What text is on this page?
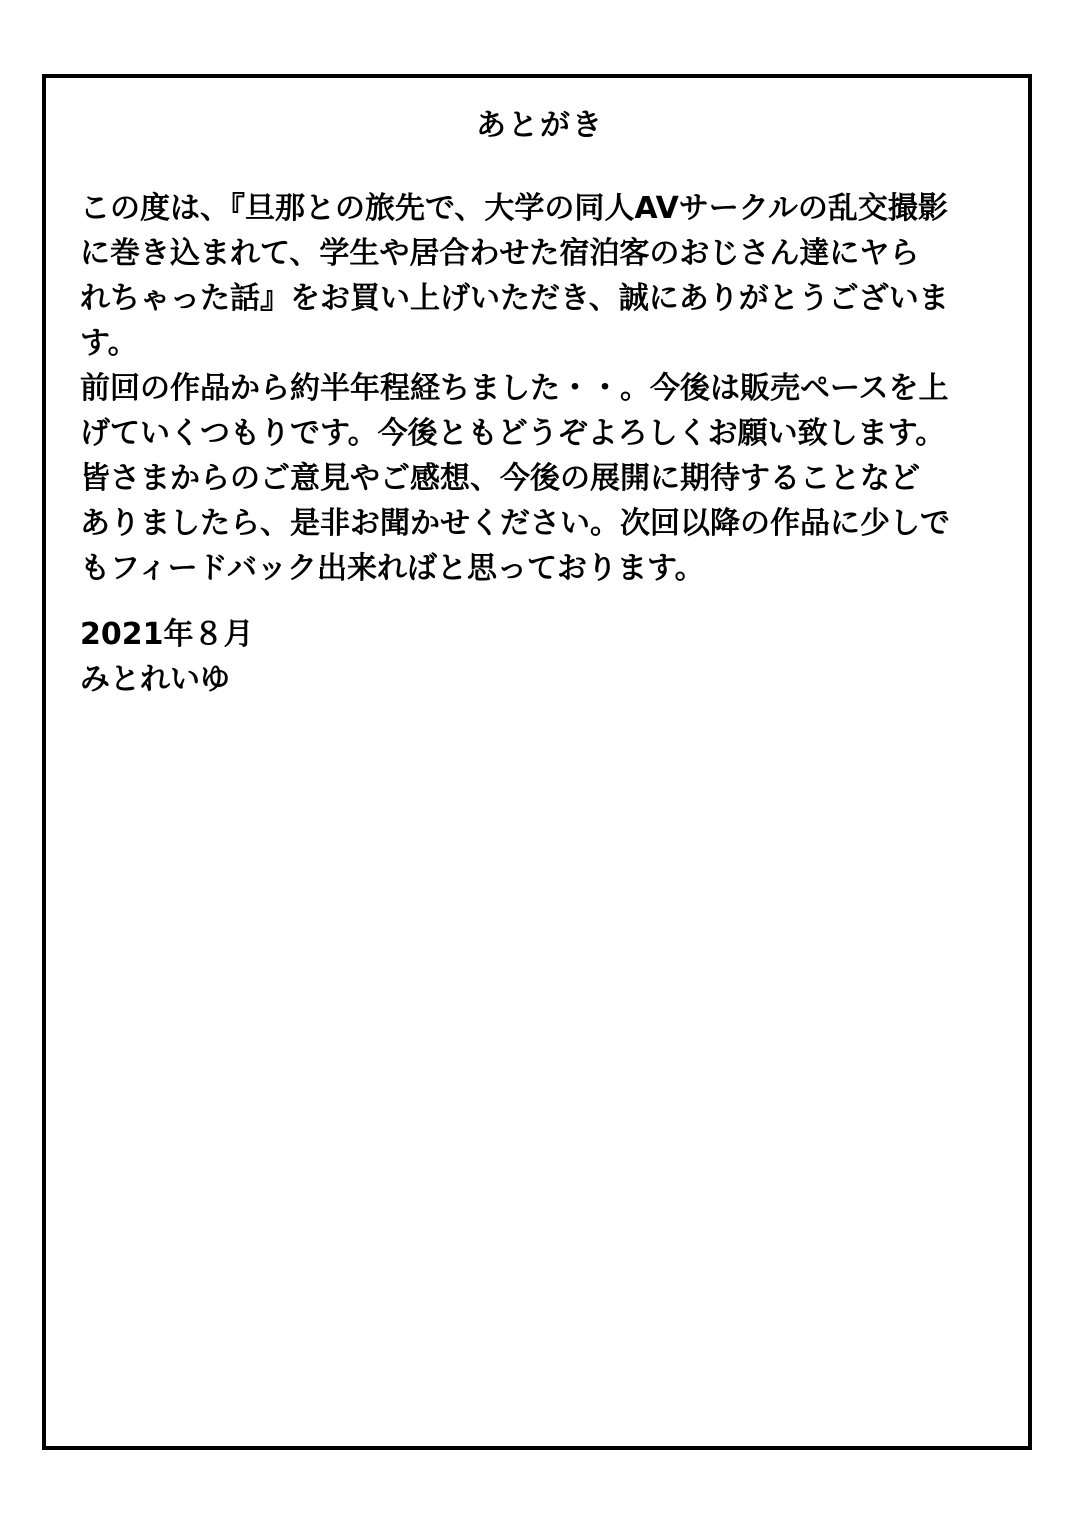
あとがき
この度は、『旦那との旅先で、大学の同人AVサークルの乱交撮影
に巻き込まれて、学生や居合わせた宿泊客のおじさん達にヤら
れちゃった話』をお買い上げいただき、誠にありがとうございま
す。
前回の作品から約半年程経ちました・・。今後は販売ペースを上
げていくつもりです。今後ともどうぞよろしくお願い致します。
皆さまからのご意見やご感想、今後の展開に期待することなど
ありましたら、是非お聞かせください。次回以降の作品に少しで
もフィードバック出来ればと思っております。
2021年８月
みとれいゆ
